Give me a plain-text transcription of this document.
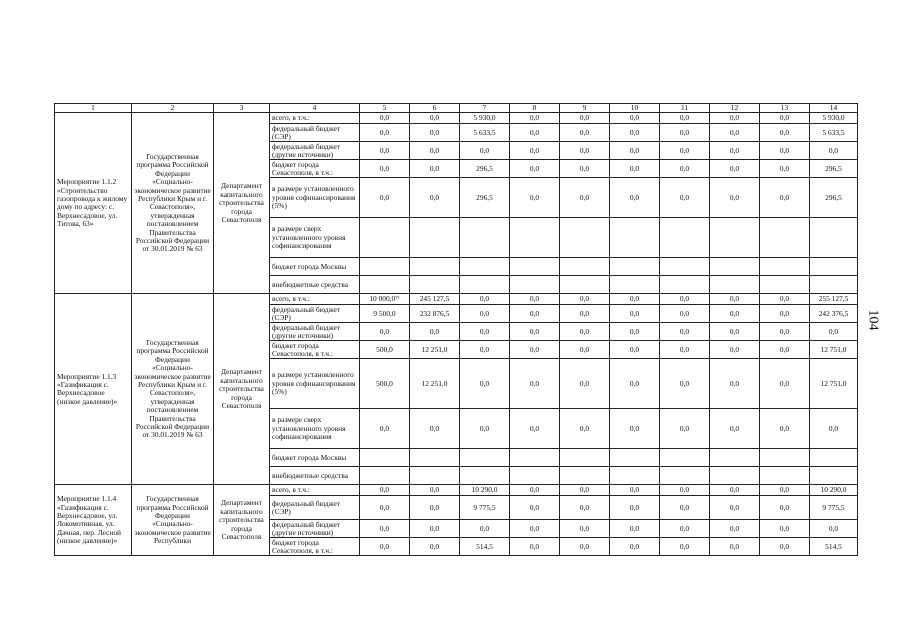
1	2	3	4	5	6	7	8	9	10	11	12	13	14
Мероприятие 1.1.2 «Строительство газопровода к жилому дому по адресу: с. Верхнесадовое, ул. Титова, 63»	Государственная программа Российской Федерации «Социально-экономическое развитие Республики Крым и г. Севастополя», утвержденная постановлением Правительства Российской Федерации от 30.01.2019 № 63	Департамент капитального строительства города Севастополя	всего, в т.ч.:	0,0	0,0	5 930,0	0,0	0,0	0,0	0,0	0,0	0,0	5 930,0
			федеральный бюджет (СЭР)	0,0	0,0	5 633,5	0,0	0,0	0,0	0,0	0,0	0,0	5 633,5
			федеральный бюджет (другие источники)	0,0	0,0	0,0	0,0	0,0	0,0	0,0	0,0	0,0	0,0
			бюджет города Севастополя, в т.ч.:	0,0	0,0	296,5	0,0	0,0	0,0	0,0	0,0	0,0	296,5
			в размере установленного уровня софинансирования (5%)	0,0	0,0	296,5	0,0	0,0	0,0	0,0	0,0	0,0	296,5
			в размере сверх установленного уровня софинансирования										
			бюджет города Москвы										
			внебюджетные средства										
Мероприятие 1.1.3 «Газификация с. Верхнесадовое (низкое давление)»	Государственная программа Российской Федерации «Социально-экономическое развитие Республики Крым и г. Севастополя», утвержденная постановлением Правительства Российской Федерации от 30.01.2019 № 63	Департамент капитального строительства города Севастополя	всего, в т.ч.:	10 000,0⁷⁾	245 127,5	0,0	0,0	0,0	0,0	0,0	0,0	0,0	255 127,5
			федеральный бюджет (СЭР)	9 500,0	232 876,5	0,0	0,0	0,0	0,0	0,0	0,0	0,0	242 376,5
			федеральный бюджет (другие источники)	0,0	0,0	0,0	0,0	0,0	0,0	0,0	0,0	0,0	0,0
			бюджет города Севастополя, в т.ч.:	500,0	12 251,0	0,0	0,0	0,0	0,0	0,0	0,0	0,0	12 751,0
			в размере установленного уровня софинансирования (5%)	500,0	12 251,0	0,0	0,0	0,0	0,0	0,0	0,0	0,0	12 751,0
			в размере сверх установленного уровня софинансирования	0,0	0,0	0,0	0,0	0,0	0,0	0,0	0,0	0,0	0,0
			бюджет города Москвы										
			внебюджетные средства										
Мероприятие 1.1.4 «Газификация с. Верхнесадовое, ул. Локомотивная, ул. Дачная, пер. Лесной (низкое давление)»	Государственная программа Российской Федерации «Социально-экономическое развитие Республики	Департамент капитального строительства города Севастополя	всего, в т.ч.:	0,0	0,0	10 290,0	0,0	0,0	0,0	0,0	0,0	0,0	10 290,0
			федеральный бюджет (СЭР)	0,0	0,0	9 775,5	0,0	0,0	0,0	0,0	0,0	0,0	9 775,5
			федеральный бюджет (другие источники)	0,0	0,0	0,0	0,0	0,0	0,0	0,0	0,0	0,0	0,0
			бюджет города Севастополя, в т.ч.:	0,0	0,0	514,5	0,0	0,0	0,0	0,0	0,0	0,0	514,5
104
